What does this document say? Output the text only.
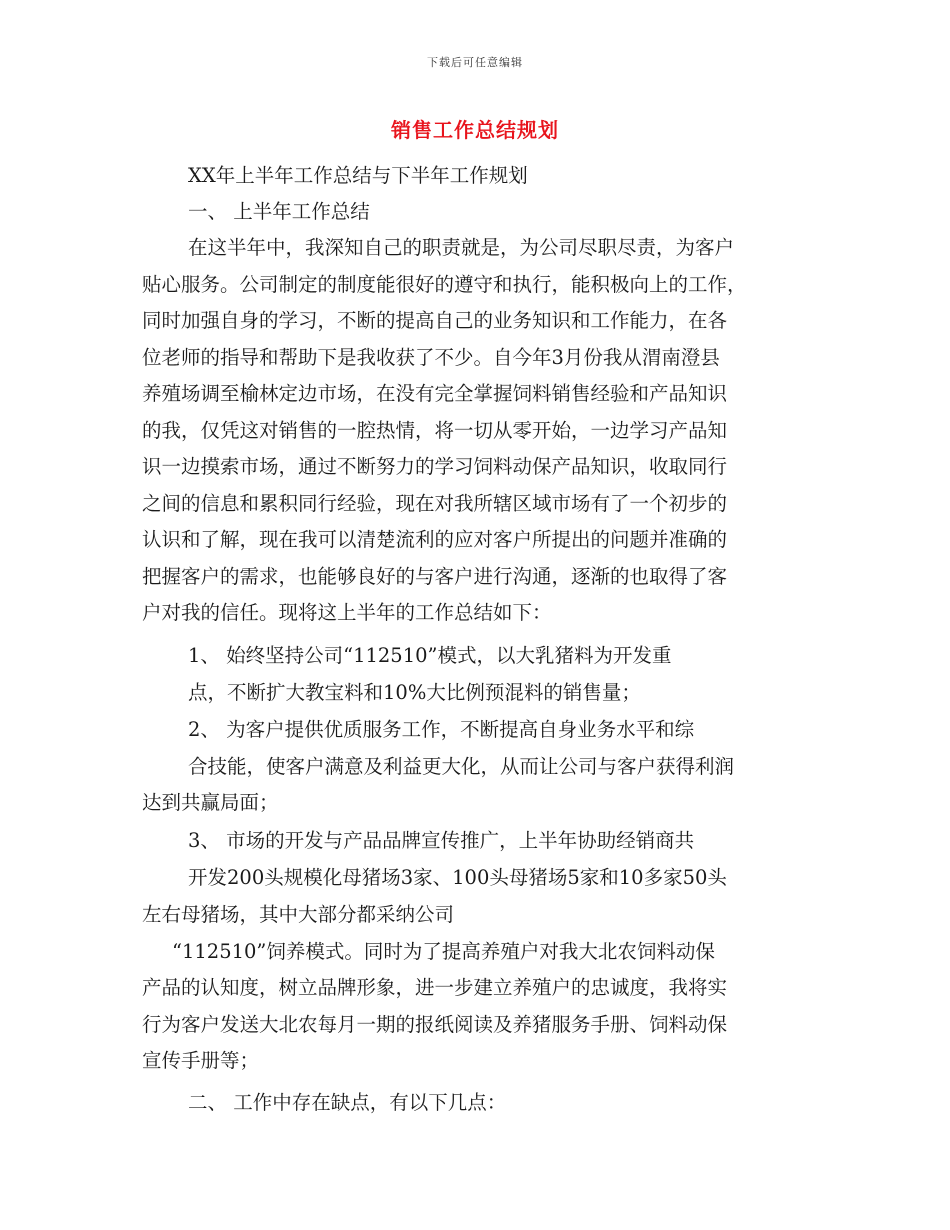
下载后可任意编辑
销售工作总结规划
XX年上半年工作总结与下半年工作规划
一、 上半年工作总结
在这半年中，我深知自己的职责就是，为公司尽职尽责，为客户
贴心服务。公司制定的制度能很好的遵守和执行，能积极向上的工作，
同时加强自身的学习，不断的提高自己的业务知识和工作能力，在各
位老师的指导和帮助下是我收获了不少。自今年3月份我从渭南澄县
养殖场调至榆林定边市场，在没有完全掌握饲料销售经验和产品知识
的我，仅凭这对销售的一腔热情，将一切从零开始，一边学习产品知
识一边摸索市场，通过不断努力的学习饲料动保产品知识，收取同行
之间的信息和累积同行经验，现在对我所辖区域市场有了一个初步的
认识和了解，现在我可以清楚流利的应对客户所提出的问题并准确的
把握客户的需求，也能够良好的与客户进行沟通，逐渐的也取得了客
户对我的信任。现将这上半年的工作总结如下：
1、 始终坚持公司“112510”模式，以大乳猪料为开发重
点，不断扩大教宝料和10%大比例预混料的销售量；
2、 为客户提供优质服务工作，不断提高自身业务水平和综
合技能，使客户满意及利益更大化，从而让公司与客户获得利润
达到共赢局面；
3、 市场的开发与产品品牌宣传推广，上半年协助经销商共
开发200头规模化母猪场3家、100头母猪场5家和10多家50头
左右母猪场，其中大部分都采纳公司
“112510”饲养模式。同时为了提高养殖户对我大北农饲料动保
产品的认知度，树立品牌形象，进一步建立养殖户的忠诚度，我将实
行为客户发送大北农每月一期的报纸阅读及养猪服务手册、饲料动保
宣传手册等；
二、 工作中存在缺点，有以下几点：
